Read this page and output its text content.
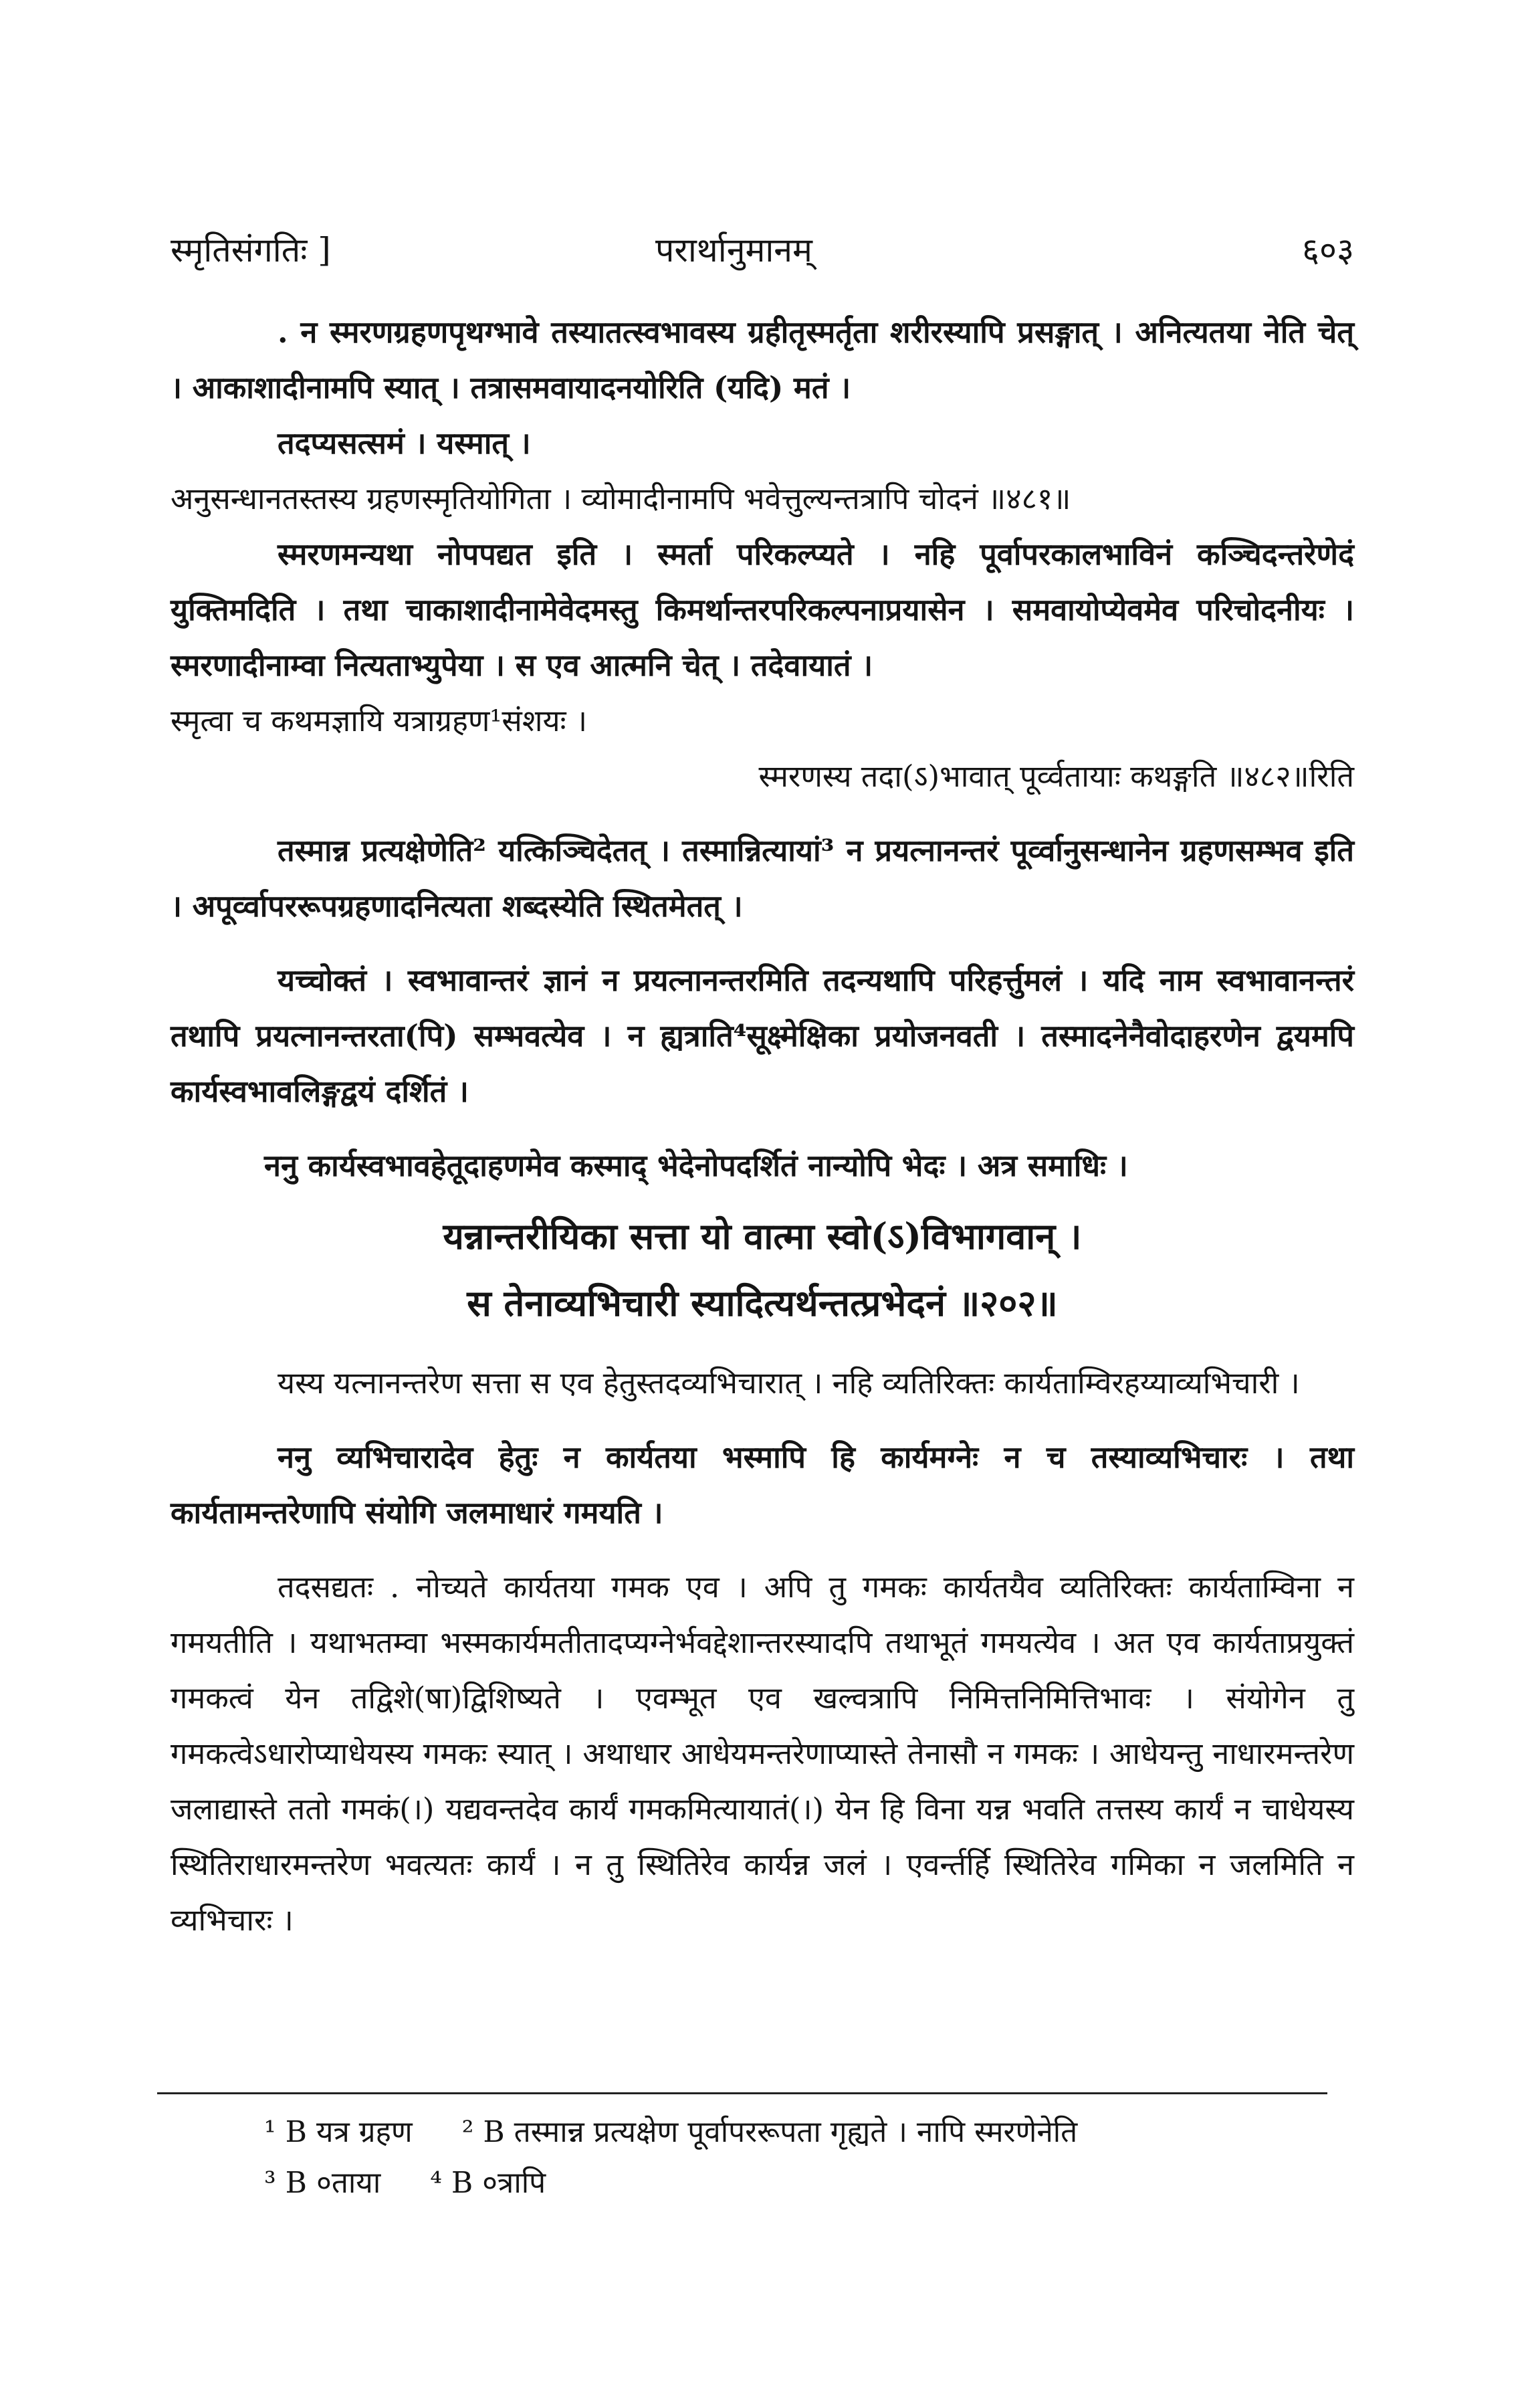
स्मृतिसंगतिः ]	परार्थानुमानम्	६०३

. न स्मरणग्रहणपृथग्भावे तस्यातत्स्वभावस्य ग्रहीतृस्मर्तृता शरीरस्यापि प्रसङ्गात् । अनित्यतया नेति चेत् । आकाशादीनामपि स्यात् । तत्रासमवायादनयोरिति (यदि) मतं ।

तदप्यसत्समं । यस्मात् ।

अनुसन्धानतस्तस्य ग्रहणस्मृतियोगिता । व्योमादीनामपि भवेत्तुल्यन्तत्रापि चोदनं ॥४८१॥

स्मरणमन्यथा नोपपद्यत इति । स्मर्ता परिकल्प्यते । नहि पूर्वापरकालभाविनं कञ्चिदन्तरेणेदं युक्तिमदिति । तथा चाकाशादीनामेवेदमस्तु किमर्थान्तरपरिकल्पनाप्रयासेन । समवायोप्येवमेव परिचोदनीयः । स्मरणादीनाम्वा नित्यताभ्युपेया । स एव आत्मनि चेत् । तदेवायातं ।

स्मृत्वा च कथमज्ञायि यत्राग्रहण¹संशयः ।

स्मरणस्य तदा(ऽ)भावात् पूर्व्वतायाः कथङ्गति ॥४८२॥रिति

तस्मान्न प्रत्यक्षेणेति² यत्किञ्चिदेतत् । तस्मान्नित्यायां³ न प्रयत्नानन्तरं पूर्व्वानुसन्धानेन ग्रहणसम्भव इति । अपूर्व्वापररूपग्रहणादनित्यता शब्दस्येति स्थितमेतत् ।

यच्चोक्तं । स्वभावान्तरं ज्ञानं न प्रयत्नानन्तरमिति तदन्यथापि परिहर्त्तुमलं । यदि नाम स्वभावानन्तरं तथापि प्रयत्नानन्तरता(पि) सम्भवत्येव । न ह्यत्राति⁴सूक्ष्मेक्षिका प्रयोजनवती । तस्मादनेनैवोदाहरणेन द्वयमपि कार्यस्वभावलिङ्गद्वयं दर्शितं ।

ननु कार्यस्वभावहेतूदाहणमेव कस्माद् भेदेनोपदर्शितं नान्योपि भेदः । अत्र समाधिः ।

यन्नान्तरीयिका सत्ता यो वात्मा स्वो(ऽ)विभागवान् ।
स तेनाव्यभिचारी स्यादित्यर्थन्तत्प्रभेदनं ॥२०२॥

यस्य यत्नानन्तरेण सत्ता स एव हेतुस्तदव्यभिचारात् । नहि व्यतिरिक्तः कार्यताम्विरहय्याव्यभिचारी ।

ननु व्यभिचारादेव हेतुः न कार्यतया भस्मापि हि कार्यमग्नेः न च तस्याव्यभिचारः । तथा कार्यतामन्तरेणापि संयोगि जलमाधारं गमयति ।

तदसद्यतः . नोच्यते कार्यतया गमक एव । अपि तु गमकः कार्यतयैव व्यतिरिक्तः कार्यताम्विना न गमयतीति । यथाभतम्वा भस्मकार्यमतीतादप्यग्नेर्भवद्देशान्तरस्यादपि तथाभूतं गमयत्येव । अत एव कार्यताप्रयुक्तं गमकत्वं येन तद्विशे(षा)द्विशिष्यते । एवम्भूत एव खल्वत्रापि निमित्तनिमित्तिभावः । संयोगेन तु गमकत्वेऽधारोप्याधेयस्य गमकः स्यात् । अथाधार आधेयमन्तरेणाप्यास्ते तेनासौ न गमकः । आधेयन्तु नाधारमन्तरेण जलाद्यास्ते ततो गमकं(।) यद्यवन्तदेव कार्यं गमकमित्यायातं(।) येन हि विना यन्न भवति तत्तस्य कार्यं न चाधेयस्य स्थितिराधारमन्तरेण भवत्यतः कार्यं । न तु स्थितिरेव कार्यन्न जलं । एवर्न्तर्हि स्थितिरेव गमिका न जलमिति न व्यभिचारः ।

¹ B यत्र ग्रहण ² B तस्मान्न प्रत्यक्षेण पूर्वापररूपता गृह्यते । नापि स्मरणेनेति
³ B ०ताया ⁴ B ०त्रापि
